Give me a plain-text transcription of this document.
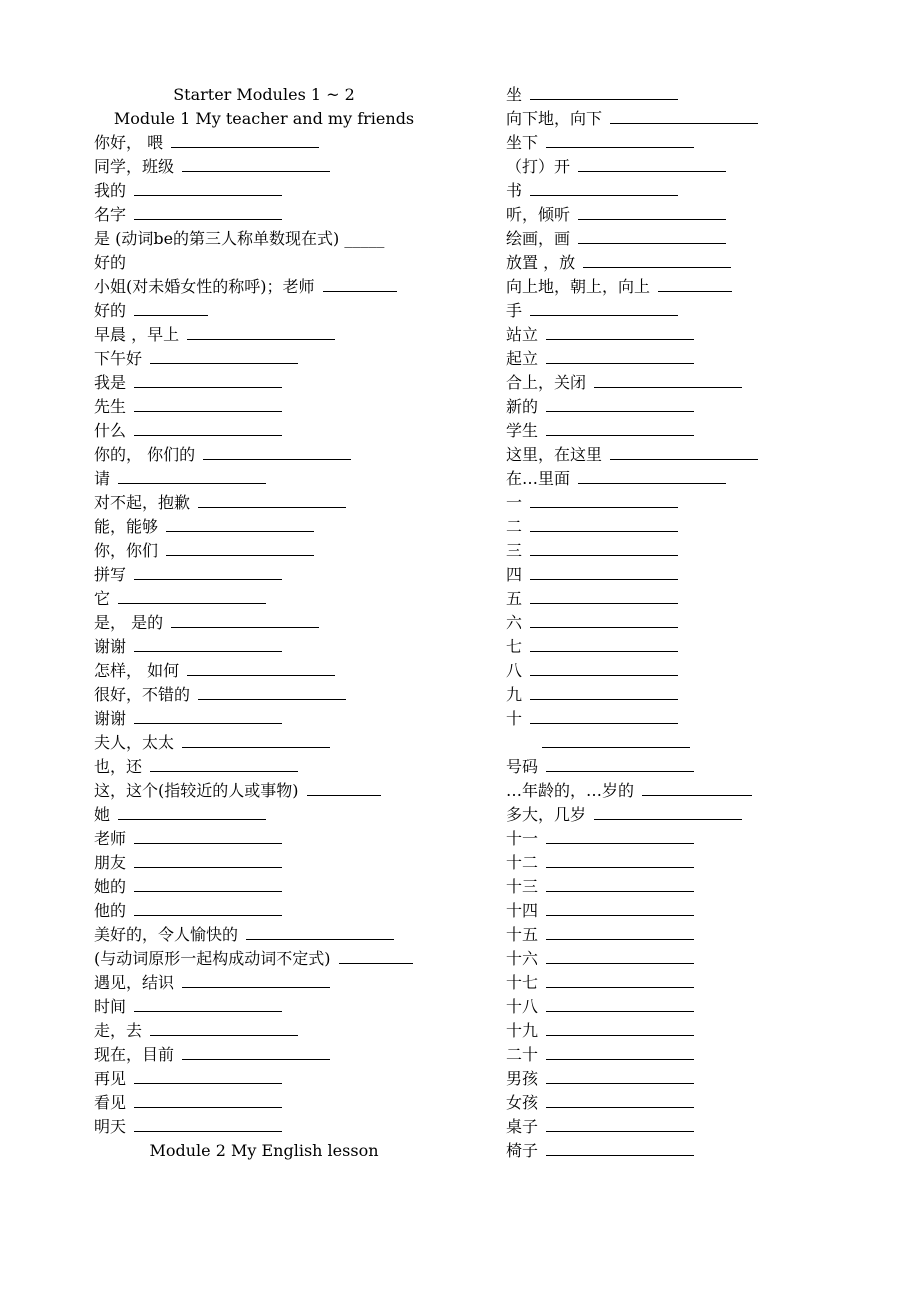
Starter Modules 1 ~ 2
Module 1 My teacher and my friends
你好， 喂
同学，班级
我的
名字
是 (动词be的第三人称单数现在式) _____
好的
小姐(对未婚女性的称呼)；老师
好的
早晨 ，早上
下午好
我是
先生
什么
你的， 你们的
请
对不起，抱歉
能，能够
你，你们
拼写
它
是， 是的
谢谢
怎样， 如何
很好，不错的
谢谢
夫人，太太
也，还
这，这个(指较近的人或事物)
她
老师
朋友
她的
他的
美好的，令人愉快的
(与动词原形一起构成动词不定式)
遇见，结识
时间
走，去
现在，目前
再见
看见
明天
Module 2 My English lesson
坐
向下地，向下
坐下
（打）开
书
听，倾听
绘画，画
放置 ，放
向上地，朝上，向上
手
站立
起立
合上，关闭
新的
学生
这里，在这里
在…里面
一
二
三
四
五
六
七
八
九
十
号码
…年龄的，…岁的
多大，几岁
十一
十二
十三
十四
十五
十六
十七
十八
十九
二十
男孩
女孩
桌子
椅子
